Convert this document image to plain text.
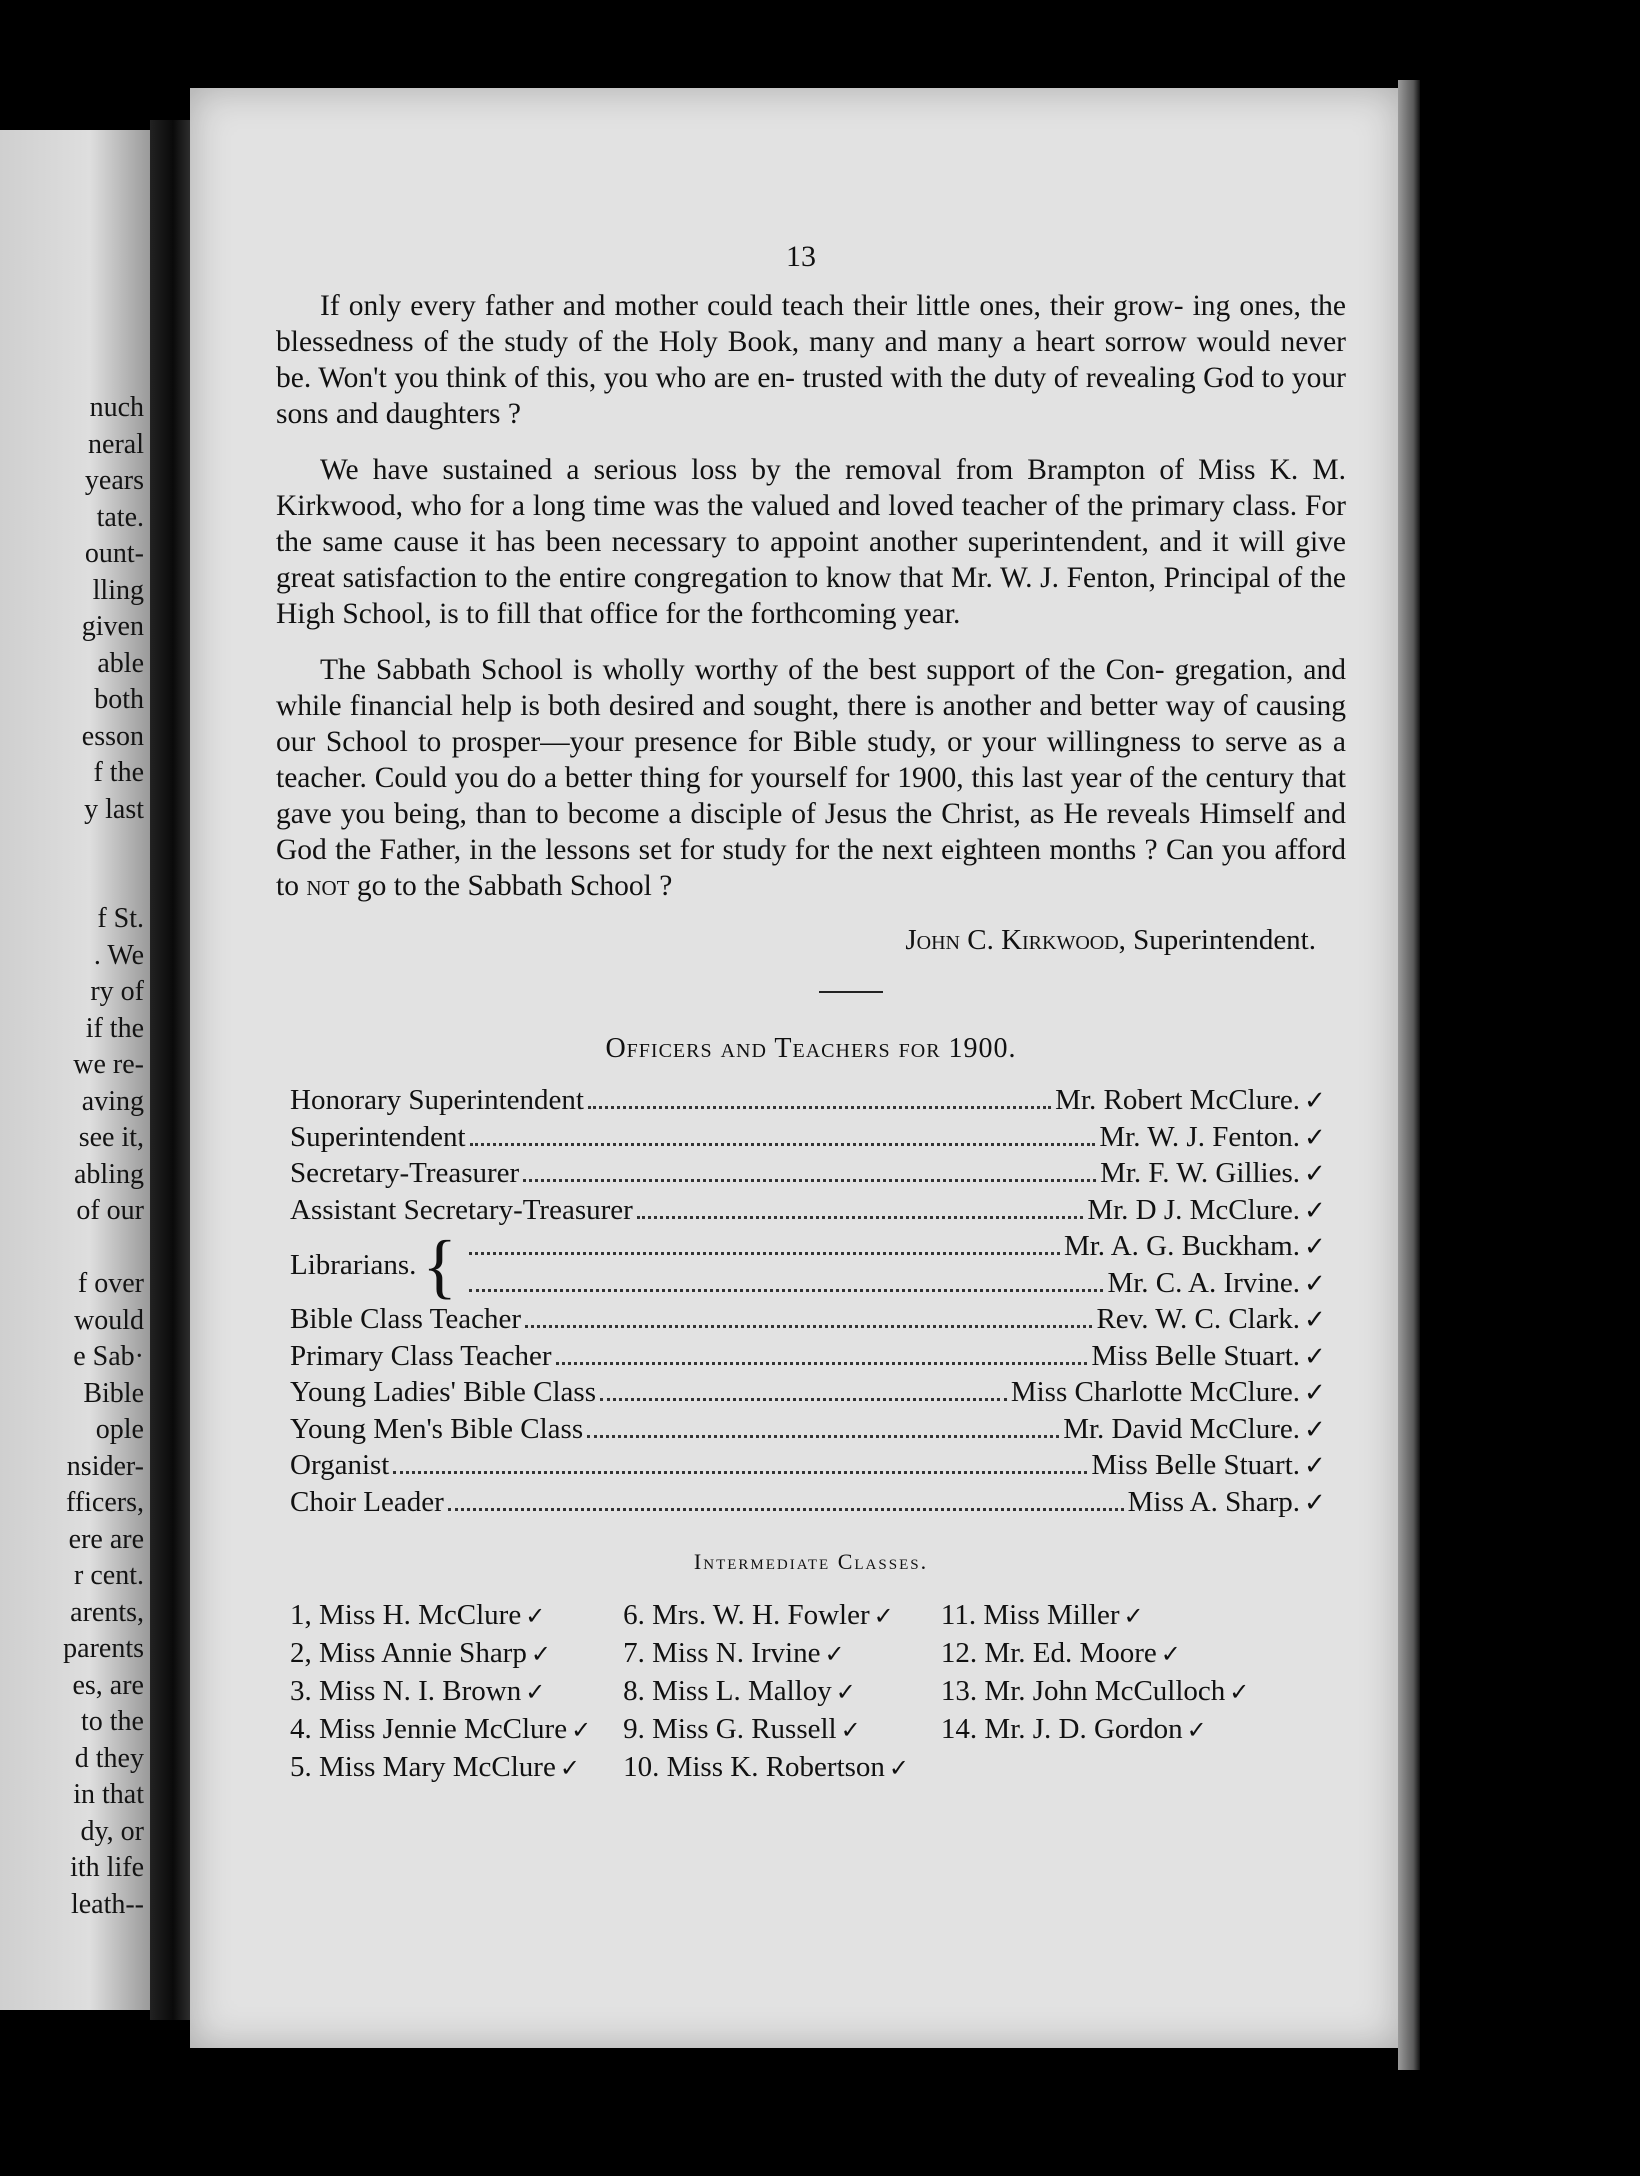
nuch
neral
years
tate.
ount-
lling
given
able
both
esson
f the
y last
f St.
. We
ry of
if the
we re-
aving
see it,
abling
of our
f over
would
e Sab·
Bible
ople
nsider-
fficers,
ere are
r cent.
arents,
parents
es, are
to the
d they
in that
dy, or
ith life
leath--
13

If only every father and mother could teach their little ones, their grow- ing ones, the blessedness of the study of the Holy Book, many and many a heart sorrow would never be. Won't you think of this, you who are en- trusted with the duty of revealing God to your sons and daughters ?

We have sustained a serious loss by the removal from Brampton of Miss K. M. Kirkwood, who for a long time was the valued and loved teacher of the primary class. For the same cause it has been necessary to appoint another superintendent, and it will give great satisfaction to the entire congregation to know that Mr. W. J. Fenton, Principal of the High School, is to fill that office for the forthcoming year.

The Sabbath School is wholly worthy of the best support of the Con- gregation, and while financial help is both desired and sought, there is another and better way of causing our School to prosper—your presence for Bible study, or your willingness to serve as a teacher. Could you do a better thing for yourself for 1900, this last year of the century that gave you being, than to become a disciple of Jesus the Christ, as He reveals Himself and God the Father, in the lessons set for study for the next eighteen months ? Can you afford to not go to the Sabbath School ?

John C. Kirkwood, Superintendent.
Officers and Teachers for 1900.
Honorary Superintendent	Mr. Robert McClure. ✓
Superintendent	Mr. W. J. Fenton. ✓
Secretary-Treasurer	Mr. F. W. Gillies. ✓
Assistant Secretary-Treasurer	Mr. D J. McClure. ✓
Librarians. {	Mr. A. G. Buckham. ✓
Mr. C. A. Irvine. ✓
Bible Class Teacher	Rev. W. C. Clark. ✓
Primary Class Teacher	Miss Belle Stuart. ✓
Young Ladies' Bible Class	Miss Charlotte McClure. ✓
Young Men's Bible Class	Mr. David McClure. ✓
Organist	Miss Belle Stuart. ✓
Choir Leader	Miss A. Sharp. ✓
Intermediate Classes.
1, Miss H. McClure ✓
2, Miss Annie Sharp ✓
3. Miss N. I. Brown ✓
4. Miss Jennie McClure ✓
5. Miss Mary McClure ✓
6. Mrs. W. H. Fowler ✓
7. Miss N. Irvine ✓
8. Miss L. Malloy ✓
9. Miss G. Russell ✓
10. Miss K. Robertson ✓
11. Miss Miller ✓
12. Mr. Ed. Moore ✓
13. Mr. John McCulloch ✓
14. Mr. J. D. Gordon ✓
